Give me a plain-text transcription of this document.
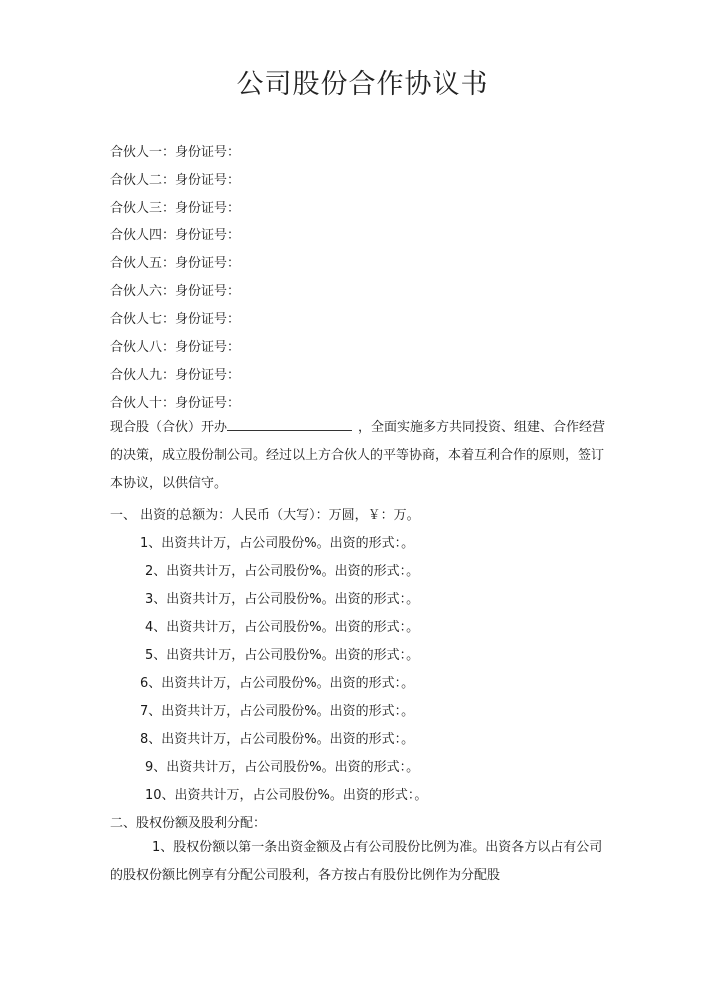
公司股份合作协议书
合伙人一：身份证号：
合伙人二：身份证号：
合伙人三：身份证号：
合伙人四：身份证号：
合伙人五：身份证号：
合伙人六：身份证号：
合伙人七：身份证号：
合伙人八：身份证号：
合伙人九：身份证号：
合伙人十：身份证号：

现合股（合伙）开办	，全面实施多方共同投资、组建、合作经营的决策，成立股份制公司。经过以上方合伙人的平等协商，本着互利合作的原则，签订本协议，以供信守。

一、 出资的总额为：人民币（大写）：万圆，￥：万。
1、出资共计万，占公司股份%。出资的形式：。
2、出资共计万，占公司股份%。出资的形式：。
3、出资共计万，占公司股份%。出资的形式：。
4、出资共计万，占公司股份%。出资的形式：。
5、出资共计万，占公司股份%。出资的形式：。
6、出资共计万，占公司股份%。出资的形式：。
7、出资共计万，占公司股份%。出资的形式：。
8、出资共计万，占公司股份%。出资的形式：。
9、出资共计万，占公司股份%。出资的形式：。
10、出资共计万，占公司股份%。出资的形式：。
二、股权份额及股利分配：

1、股权份额以第一条出资金额及占有公司股份比例为准。出资各方以占有公司的股权份额比例享有分配公司股利，各方按占有股份比例作为分配股
